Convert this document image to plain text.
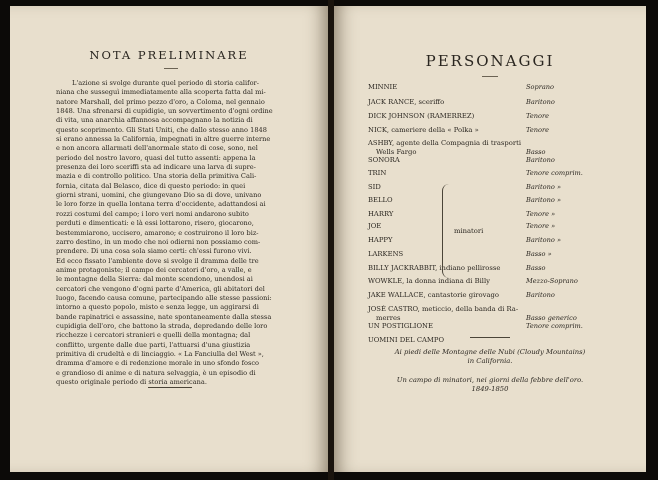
NOTA PRELIMINARE
L'azione si svolge durante quel periodo di storia califor-
niana che susseguì immediatamente alla scoperta fatta dal mi-
natore Marshall, del primo pezzo d'oro, a Coloma, nel gennaio
1848. Una sfrenarsi di cupidigie, un sovvertimento d'ogni ordine
di vita, una anarchia affannosa accompagnano la notizia di
questo scoprimento. Gli Stati Uniti, che dallo stesso anno 1848
si erano annessa la California, impegnati in altre guerre interne
e non ancora allarmati dell'anormale stato di cose, sono, nel
periodo del nostro lavoro, quasi del tutto assenti: appena la
presenza dei loro sceriffi sta ad indicare una larva di supre-
mazia e di controllo politico. Una storia della primitiva Cali-
fornia, citata dal Belasco, dice di questo periodo: in quei
giorni strani, uomini, che giungevano Dio sa di dove, univano
le loro forze in quella lontana terra d'occidente, adattandosi ai
rozzi costumi del campo; i loro veri nomi andarono subito
perduti e dimenticati: e là essi lottarono, risero, giocarono,
bestemmiarono, uccisero, amarono; e costruirono il loro biz-
zarro destino, in un modo che noi odierni non possiamo com-
prendere. Di una cosa sola siamo certi: ch'essi furono vivi.
Ed ecco fissato l'ambiente dove si svolge il dramma delle tre
anime protagoniste; il campo dei cercatori d'oro, a valle, e
le montagne della Sierra: dal monte scendono, unendosi ai
cercatori che vengono d'ogni parte d'America, gli abitatori del
luogo, facendo causa comune, partecipando alle stesse passioni:
intorno a questo popolo, misto e senza legge, un aggirarsi di
bande rapinatrici e assassine, nate spontaneamente dalla stessa
cupidigia dell'oro, che battono la strada, depredando delle loro
ricchezze i cercatori stranieri e quelli della montagna; dal
conflitto, urgente dalle due parti, l'attuarsi d'una giustizia
primitiva di crudeltà e di linciaggio. « La Fanciulla del West »,
dramma d'amore e di redenzione morale in uno sfondo fosco
e grandioso di anime e di natura selvaggia, è un episodio di
questo originale periodo di storia americana.
PERSONAGGI
MINNIE	Soprano
JACK RANCE, sceriffo	Baritono
DICK JOHNSON (RAMERREZ)	Tenore
NICK, cameriere della « Polka »	Tenore
ASHBY, agente della Compagnia di trasporti
Wells Fargo	Basso
SONORA	Baritono
TRIN	Tenore comprim.
SID	Baritono »
BELLO	Baritono »
HARRY	Tenore »
JOE	Tenore »
HAPPY	Baritono »
LARKENS	Basso »
BILLY JACKRABBIT, indiano pellirosse	Basso
WOWKLE, la donna indiana di Billy	Mezzo-Soprano
JAKE WALLACE, cantastorie girovago	Baritono
JOSÉ CASTRO, meticcio, della banda di Ra-
merres	Basso generico
UN POSTIGLIONE	Tenore comprim.
UOMINI DEL CAMPO
minatori
Ai piedi delle Montagne delle Nubi (Cloudy Mountains)
in California.
Un campo di minatori, nei giorni della febbre dell'oro.
1849-1850
